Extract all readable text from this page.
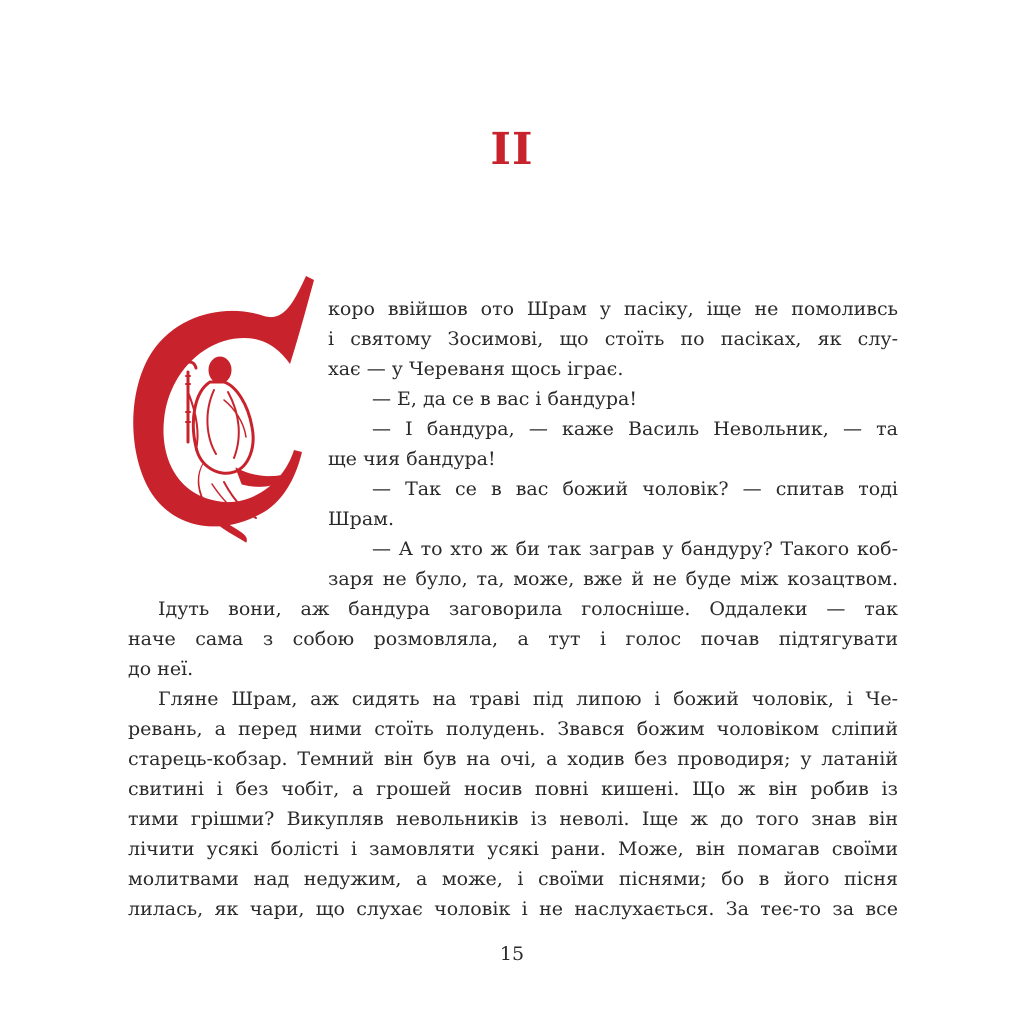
II
коро ввійшов ото Шрам у пасіку, іще не помоливсь
і святому Зосимові, що стоїть по пасіках, як слу-
хає — у Череваня щось іграє.
— Е, да се в вас і бандура!
— І бандура, — каже Василь Невольник, — та
ще чия бандура!
— Так се в вас божий чоловік? — спитав тоді
Шрам.
— А то хто ж би так заграв у бандуру? Такого коб-
заря не було, та, може, вже й не буде між козацтвом.
Ідуть вони, аж бандура заговорила голосніше. Оддалеки — так
наче сама з собою розмовляла, а тут і голос почав підтягувати
до неї.
Гляне Шрам, аж сидять на траві під липою і божий чоловік, і Че-
ревань, а перед ними стоїть полудень. Звався божим чоловіком сліпий
старець-кобзар. Темний він був на очі, а ходив без проводиря; у латаній
свитині і без чобіт, а грошей носив повні кишені. Що ж він робив із
тими грішми? Викупляв невольників із неволі. Іще ж до того знав він
лічити усякі болісті і замовляти усякі рани. Може, він помагав своїми
молитвами над недужим, а може, і своїми піснями; бо в його пісня
лилась, як чари, що слухає чоловік і не наслухається. За теє-то за все
15
